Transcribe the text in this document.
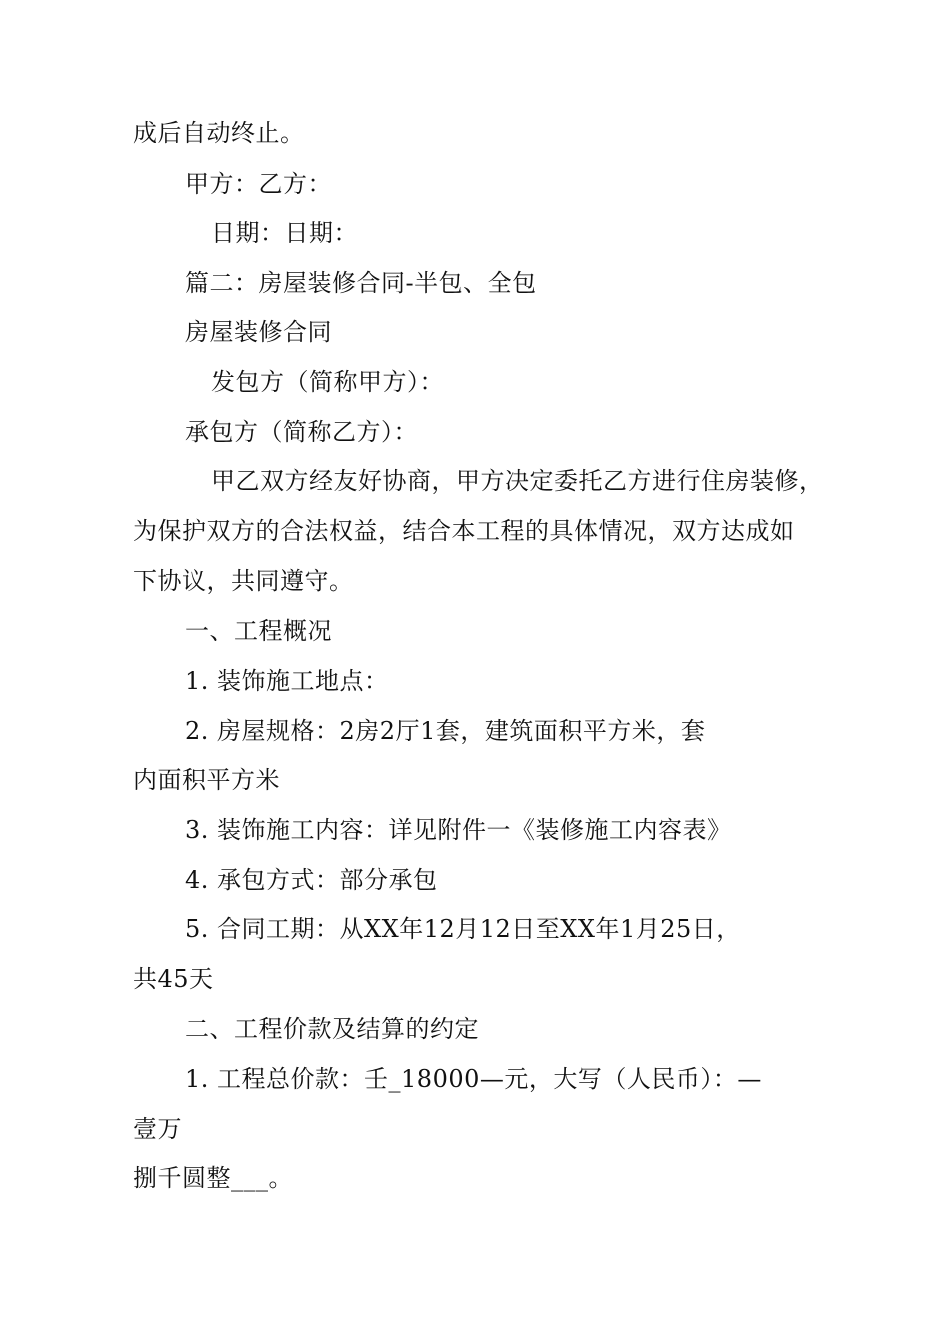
成后自动终止。
甲方：乙方：
日期：日期：
篇二：房屋装修合同-半包、全包
房屋装修合同
发包方（简称甲方）：
承包方（简称乙方）：
甲乙双方经友好协商，甲方决定委托乙方进行住房装修，
为保护双方的合法权益，结合本工程的具体情况，双方达成如
下协议，共同遵守。
一、工程概况
1. 装饰施工地点：
2. 房屋规格：2房2厅1套，建筑面积平方米，套
内面积平方米
3. 装饰施工内容：详见附件一《装修施工内容表》
4. 承包方式：部分承包
5. 合同工期：从XX年12月12日至XX年1月25日，
共45天
二、工程价款及结算的约定
1. 工程总价款：壬_18000—元，大写（人民币）：—
壹万
捌千圆整___。
